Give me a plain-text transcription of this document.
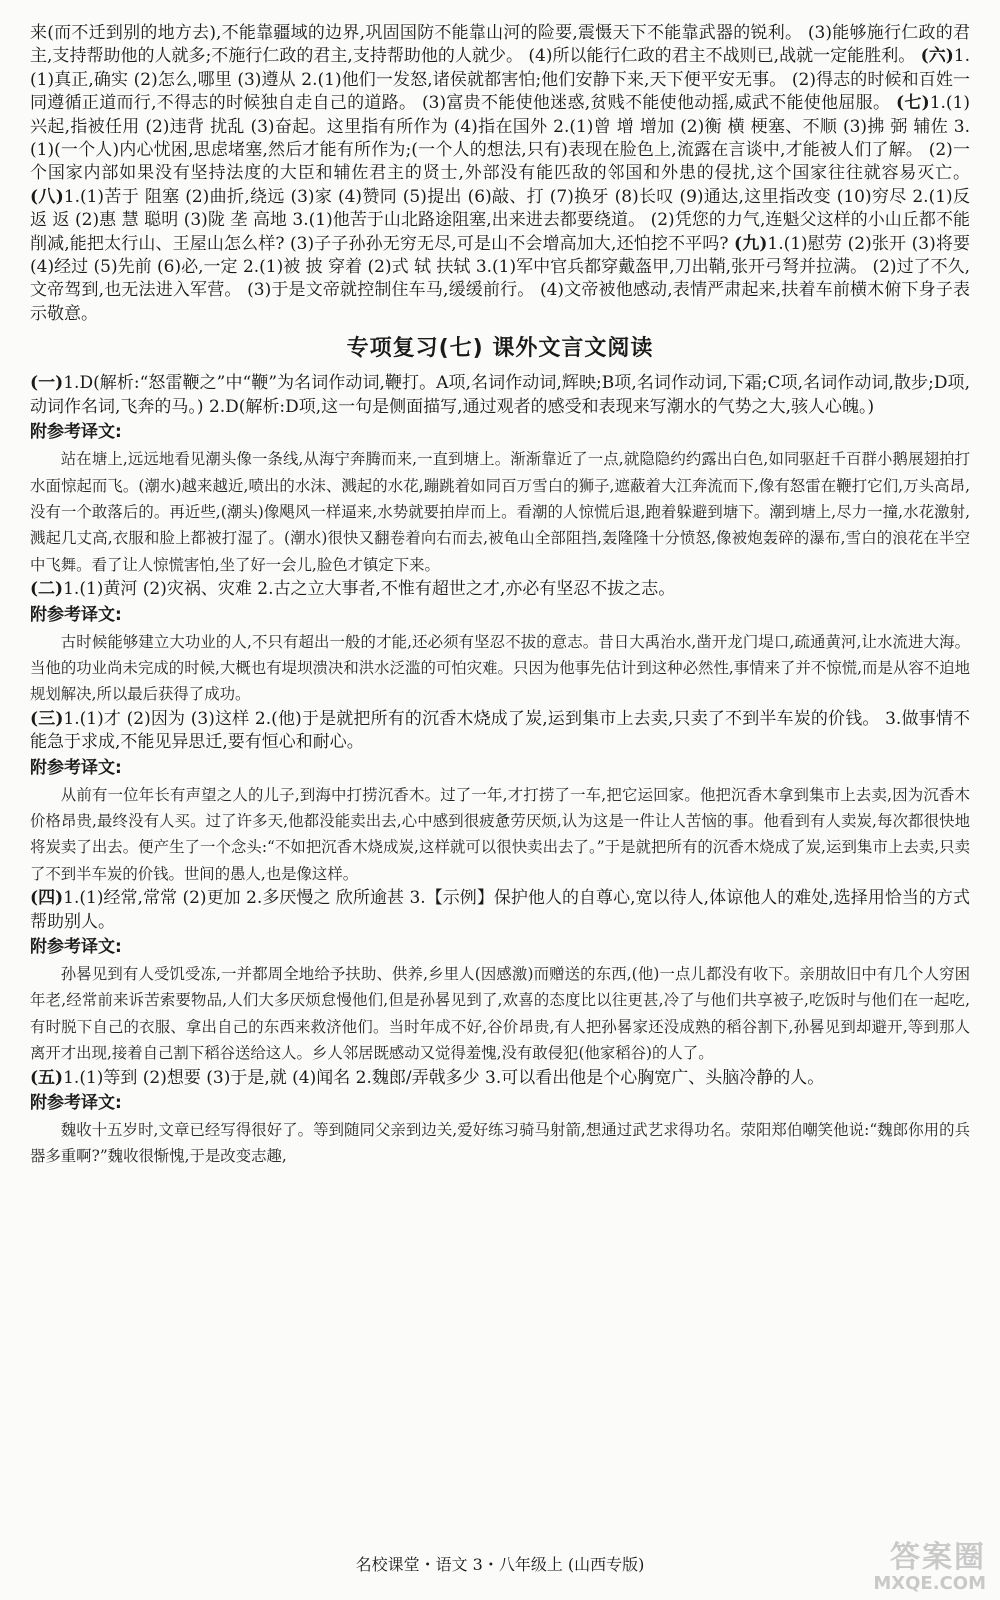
来(而不迁到别的地方去),不能靠疆域的边界,巩固国防不能靠山河的险要,震慑天下不能靠武器的锐利。 (3)能够施行仁政的君主,支持帮助他的人就多;不施行仁政的君主,支持帮助他的人就少。 (4)所以能行仁政的君主不战则已,战就一定能胜利。 (六)1.(1)真正,确实 (2)怎么,哪里 (3)遵从 2.(1)他们一发怒,诸侯就都害怕;他们安静下来,天下便平安无事。 (2)得志的时候和百姓一同遵循正道而行,不得志的时候独自走自己的道路。 (3)富贵不能使他迷惑,贫贱不能使他动摇,威武不能使他屈服。 (七)1.(1)兴起,指被任用 (2)违背 扰乱 (3)奋起。这里指有所作为 (4)指在国外 2.(1)曾 增 增加 (2)衡 横 梗塞、不顺 (3)拂 弼 辅佐 3.(1)(一个人)内心忧困,思虑堵塞,然后才能有所作为;(一个人的想法,只有)表现在脸色上,流露在言谈中,才能被人们了解。 (2)一个国家内部如果没有坚持法度的大臣和辅佐君主的贤士,外部没有能匹敌的邻国和外患的侵扰,这个国家往往就容易灭亡。 (八)1.(1)苦于 阻塞 (2)曲折,绕远 (3)家 (4)赞同 (5)提出 (6)敲、打 (7)换牙 (8)长叹 (9)通达,这里指改变 (10)穷尽 2.(1)反 返 返 (2)惠 慧 聪明 (3)陇 垄 高地 3.(1)他苦于山北路途阻塞,出来进去都要绕道。 (2)凭您的力气,连魁父这样的小山丘都不能削减,能把太行山、王屋山怎么样? (3)子子孙孙无穷无尽,可是山不会增高加大,还怕挖不平吗? (九)1.(1)慰劳 (2)张开 (3)将要 (4)经过 (5)先前 (6)必,一定 2.(1)被 披 穿着 (2)式 轼 扶轼 3.(1)军中官兵都穿戴盔甲,刀出鞘,张开弓弩并拉满。 (2)过了不久,文帝驾到,也无法进入军营。 (3)于是文帝就控制住车马,缓缓前行。 (4)文帝被他感动,表情严肃起来,扶着车前横木俯下身子表示敬意。

专项复习(七) 课外文言文阅读

(一)1.D(解析:“怒雷鞭之”中“鞭”为名词作动词,鞭打。A项,名词作动词,辉映;B项,名词作动词,下霜;C项,名词作动词,散步;D项,动词作名词,飞奔的马。) 2.D(解析:D项,这一句是侧面描写,通过观者的感受和表现来写潮水的气势之大,骇人心魄。)

附参考译文:

站在塘上,远远地看见潮头像一条线,从海宁奔腾而来,一直到塘上。渐渐靠近了一点,就隐隐约约露出白色,如同驱赶千百群小鹅展翅拍打水面惊起而飞。(潮水)越来越近,喷出的水沫、溅起的水花,蹦跳着如同百万雪白的狮子,遮蔽着大江奔流而下,像有怒雷在鞭打它们,万头高昂,没有一个敢落后的。再近些,(潮头)像飓风一样逼来,水势就要拍岸而上。看潮的人惊慌后退,跑着躲避到塘下。潮到塘上,尽力一撞,水花激射,溅起几丈高,衣服和脸上都被打湿了。(潮水)很快又翻卷着向右而去,被龟山全部阻挡,轰隆隆十分愤怒,像被炮轰碎的瀑布,雪白的浪花在半空中飞舞。看了让人惊慌害怕,坐了好一会儿,脸色才镇定下来。

(二)1.(1)黄河 (2)灾祸、灾难 2.古之立大事者,不惟有超世之才,亦必有坚忍不拔之志。

附参考译文:

古时候能够建立大功业的人,不只有超出一般的才能,还必须有坚忍不拔的意志。昔日大禹治水,凿开龙门堤口,疏通黄河,让水流进大海。当他的功业尚未完成的时候,大概也有堤坝溃决和洪水泛滥的可怕灾难。只因为他事先估计到这种必然性,事情来了并不惊慌,而是从容不迫地规划解决,所以最后获得了成功。

(三)1.(1)才 (2)因为 (3)这样 2.(他)于是就把所有的沉香木烧成了炭,运到集市上去卖,只卖了不到半车炭的价钱。 3.做事情不能急于求成,不能见异思迁,要有恒心和耐心。

附参考译文:

从前有一位年长有声望之人的儿子,到海中打捞沉香木。过了一年,才打捞了一车,把它运回家。他把沉香木拿到集市上去卖,因为沉香木价格昂贵,最终没有人买。过了许多天,他都没能卖出去,心中感到很疲惫劳厌烦,认为这是一件让人苦恼的事。他看到有人卖炭,每次都很快地将炭卖了出去。便产生了一个念头:“不如把沉香木烧成炭,这样就可以很快卖出去了。”于是就把所有的沉香木烧成了炭,运到集市上去卖,只卖了不到半车炭的价钱。世间的愚人,也是像这样。

(四)1.(1)经常,常常 (2)更加 2.多厌慢之 欣所逾甚 3.【示例】保护他人的自尊心,宽以待人,体谅他人的难处,选择用恰当的方式帮助别人。

附参考译文:

孙晷见到有人受饥受冻,一并都周全地给予扶助、供养,乡里人(因感激)而赠送的东西,(他)一点儿都没有收下。亲朋故旧中有几个人穷困年老,经常前来诉苦索要物品,人们大多厌烦怠慢他们,但是孙晷见到了,欢喜的态度比以往更甚,冷了与他们共享被子,吃饭时与他们在一起吃,有时脱下自己的衣服、拿出自己的东西来救济他们。当时年成不好,谷价昂贵,有人把孙晷家还没成熟的稻谷割下,孙晷见到却避开,等到那人离开才出现,接着自己割下稻谷送给这人。乡人邻居既感动又觉得羞愧,没有敢侵犯(他家稻谷)的人了。

(五)1.(1)等到 (2)想要 (3)于是,就 (4)闻名 2.魏郎/弄戟多少 3.可以看出他是个心胸宽广、头脑冷静的人。

附参考译文:

魏收十五岁时,文章已经写得很好了。等到随同父亲到边关,爱好练习骑马射箭,想通过武艺求得功名。荥阳郑伯嘲笑他说:“魏郎你用的兵器多重啊?”魏收很惭愧,于是改变志趣,

名校课堂・语文 3・八年级上 (山西专版)	答案圈
MXQE.COM
